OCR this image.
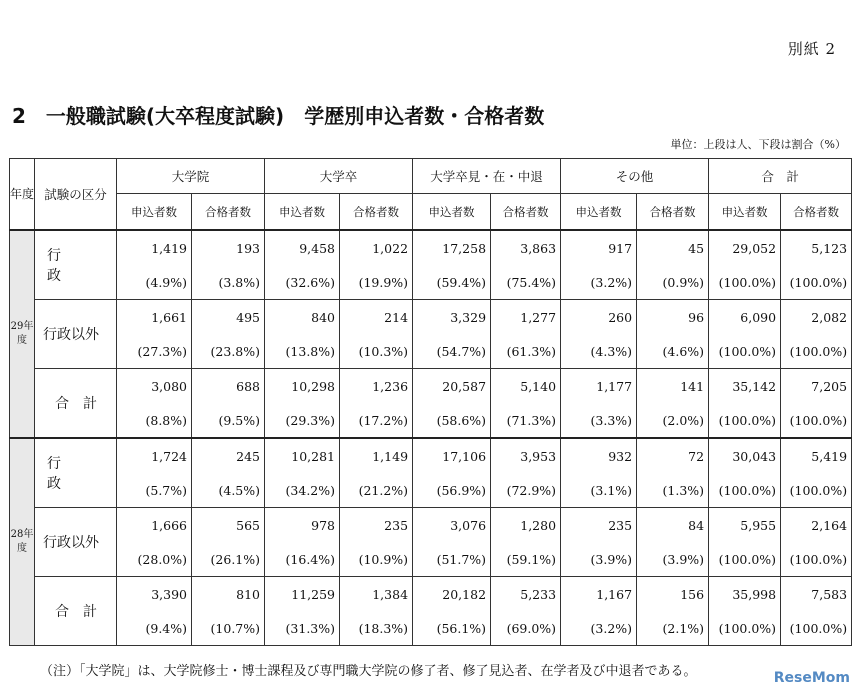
別紙 2
2　一般職試験(大卒程度試験)　学歴別申込者数・合格者数
単位：上段は人、下段は割合（%）
年度	試験の区分	大学院		大学卒		大学卒見・在・中退		その他		合　計	
		申込者数	合格者数	申込者数	合格者数	申込者数	合格者数	申込者数	合格者数	申込者数	合格者数
29年度	行政	1,419	193	9,458	1,022	17,258	3,863	917	45	29,052	5,123
		(4.9%)	(3.8%)	(32.6%)	(19.9%)	(59.4%)	(75.4%)	(3.2%)	(0.9%)	(100.0%)	(100.0%)
	行政以外	1,661	495	840	214	3,329	1,277	260	96	6,090	2,082
		(27.3%)	(23.8%)	(13.8%)	(10.3%)	(54.7%)	(61.3%)	(4.3%)	(4.6%)	(100.0%)	(100.0%)
	合計	3,080	688	10,298	1,236	20,587	5,140	1,177	141	35,142	7,205
		(8.8%)	(9.5%)	(29.3%)	(17.2%)	(58.6%)	(71.3%)	(3.3%)	(2.0%)	(100.0%)	(100.0%)
28年度	行政	1,724	245	10,281	1,149	17,106	3,953	932	72	30,043	5,419
		(5.7%)	(4.5%)	(34.2%)	(21.2%)	(56.9%)	(72.9%)	(3.1%)	(1.3%)	(100.0%)	(100.0%)
	行政以外	1,666	565	978	235	3,076	1,280	235	84	5,955	2,164
		(28.0%)	(26.1%)	(16.4%)	(10.9%)	(51.7%)	(59.1%)	(3.9%)	(3.9%)	(100.0%)	(100.0%)
	合計	3,390	810	11,259	1,384	20,182	5,233	1,167	156	35,998	7,583
		(9.4%)	(10.7%)	(31.3%)	(18.3%)	(56.1%)	(69.0%)	(3.2%)	(2.1%)	(100.0%)	(100.0%)
（注）「大学院」は、大学院修士・博士課程及び専門職大学院の修了者、修了見込者、在学者及び中退者である。	ReseMom
